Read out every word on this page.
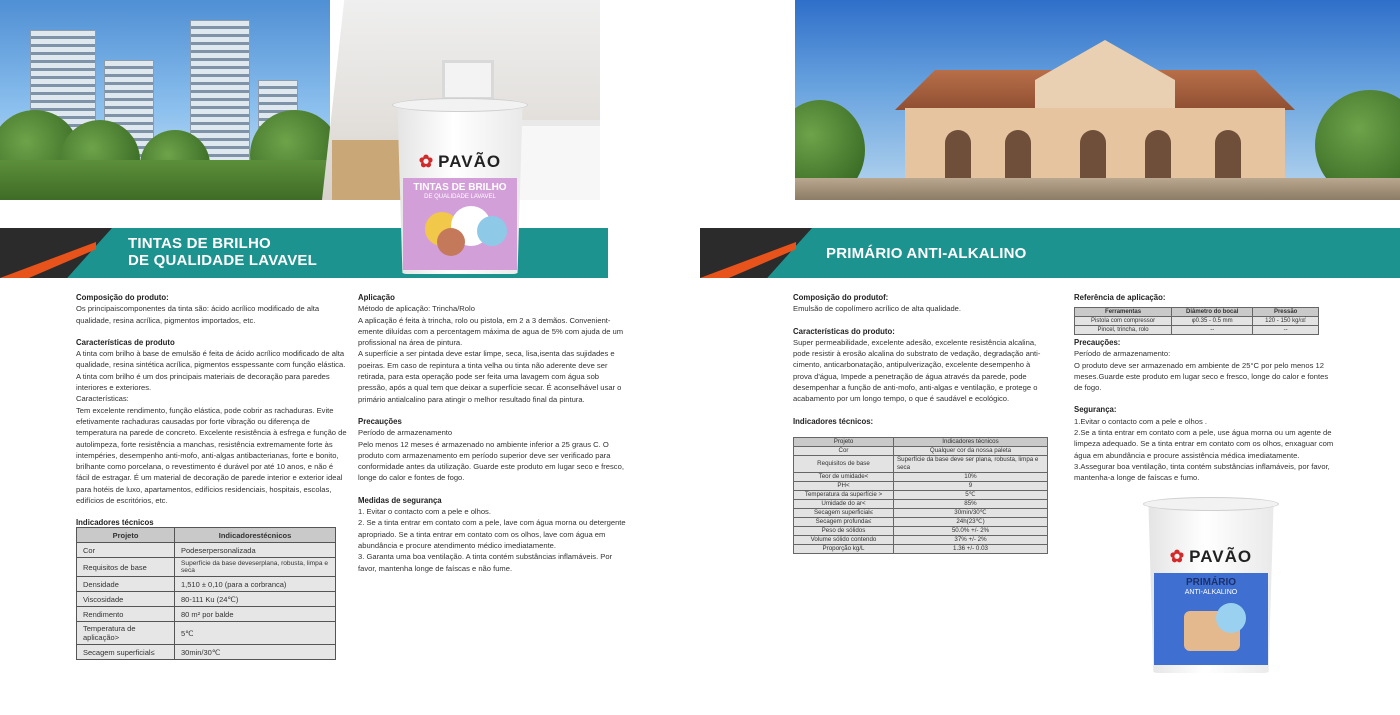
TINTAS DE BRILHO
DE QUALIDADE LAVAVEL
✿ PAVÃO
TINTAS DE BRILHO
DE QUALIDADE LAVAVEL
Composição do produto:

Os principaiscomponentes da tinta são: ácido acrílico modificado de alta qualidade, resina acrílica, pigmentos importados, etc.

Características de produto

A tinta com brilho à base de emulsão é feita de ácido acrílico modificado de alta qualidade, resina sintética acrílica, pigmentos esspessante com função elástica.

A tinta com brilho é um dos principais materiais de decoração para paredes interiores e exteriores.

Características:

Tem excelente rendimento, função elástica, pode cobrir as rachaduras. Evite efetivamente rachaduras causadas por forte vibração ou diferença de temperatura na parede de concreto. Excelente resistência à esfrega e função de autolimpeza, forte resistência a manchas, resistência extremamente forte às intempéries, desempenho anti-mofo, anti-algas antibacterianas, forte e bonito, brilhante como porcelana, o revestimento é durável por até 10 anos, e não é fácil de estragar. É um material de decoração de parede interior e exterior ideal para hotéis de luxo, apartamentos, edifícios residenciais, hospitais, escolas, edifícios de escritórios, etc.

Indicadores técnicos
Projeto	Indicadorestécnicos
Cor	Podeserpersonalizada
Requisitos de base	Superfície da base deveserplana, robusta, limpa e seca
Densidade	1,510 ± 0,10 (para a corbranca)
Viscosidade	80-111 Ku (24℃)
Rendimento	80 m² por balde
Temperatura de aplicação>	5℃
Secagem superficial≤	30min/30℃
Aplicação

Método de aplicação: Trincha/Rolo

A aplicação é feita à trincha, rolo ou pistola, em 2 a 3 demãos. Convenient-emente diluídas com a percentagem máxima de agua de 5% com ajuda de um profissional na área de pintura.

A superfície a ser pintada deve estar limpe, seca, lisa,isenta das sujidades e poeiras. Em caso de repintura a tinta velha ou tinta não aderente deve ser retirada, para esta operação pode ser feita uma lavagem com água sob pressão, após a qual tem que deixar a superfície secar. É aconselhável usar o primário antialcalino para atingir o melhor resultado final da pintura.

Precauções

Período de armazenamento

Pelo menos 12 meses é armazenado no ambiente inferior a 25 graus C. O produto com armazenamento em período superior deve ser verificado para conformidade antes da utilização. Guarde este produto em lugar seco e fresco, longe do calor e fontes de fogo.

Medidas de segurança

1. Evitar o contacto com a pele e olhos.

2. Se a tinta entrar em contato com a pele, lave com água morna ou detergente apropriado. Se a tinta entrar em contato com os olhos, lave com água em abundância e procure atendimento médico imediatamente.

3. Garanta uma boa ventilação. A tinta contém substâncias inflamáveis. Por favor, mantenha longe de faíscas e não fume.

PRIMÁRIO ANTI-ALKALINO
Composição do produtof:

Emulsão de copolímero acrílico de alta qualidade.

Características do produto:

Super permeabilidade, excelente adesão, excelente resistência alcalina, pode resistir à erosão alcalina do substrato de vedação, degradação anti-cimento, anticarbonatação, antipulverização, excelente desempenho à prova d'água, Impede a penetração de água através da parede, pode desempenhar a função de anti-mofo, anti-algas e ventilação, e protege o acabamento por um longo tempo, o que é saudável e ecológico.

Indicadores técnicos:
Projeto	Indicadores técnicos
Cor	Qualquer cor da nossa paleta
Requisitos de base	Superfície da base deve ser plana, robusta, limpa e seca
Teor de umidade<	10%
PH<	9
Temperatura da superfície >	5℃
Umidade do ar<	85%
Secagem superficial≤	30min/30℃
Secagem profunda≤	24h(23℃)
Peso de sólidos	50.0% +/- 2%
Volume sólido contendo	37% +/- 2%
Proporção kg/L	1.36 +/- 0.03
Referência de aplicação:
Ferramentas	Diâmetro do bocal	Pressão
Pistola com compressor	φ0.35 - 0.5 mm	120 - 150 kg/㎠
Pincel, trincha, rolo	--	--
Precauções:

Período de armazenamento:

O produto deve ser armazenado em ambiente de 25°C por pelo menos 12 meses.Guarde este produto em lugar seco e fresco, longe do calor e fontes de fogo.

Segurança:

1.Evitar o contacto com a pele e olhos .

2.Se a tinta entrar em contato com a pele, use água morna ou um agente de limpeza adequado. Se a tinta entrar em contato com os olhos, enxaguar com água em abundância e procure assistência médica imediatamente.

3.Assegurar boa ventilação, tinta contém substâncias inflamáveis, por favor, mantenha-a longe de faíscas e fumo.

✿ PAVÃO
PRIMÁRIO
ANTI-ALKALINO
